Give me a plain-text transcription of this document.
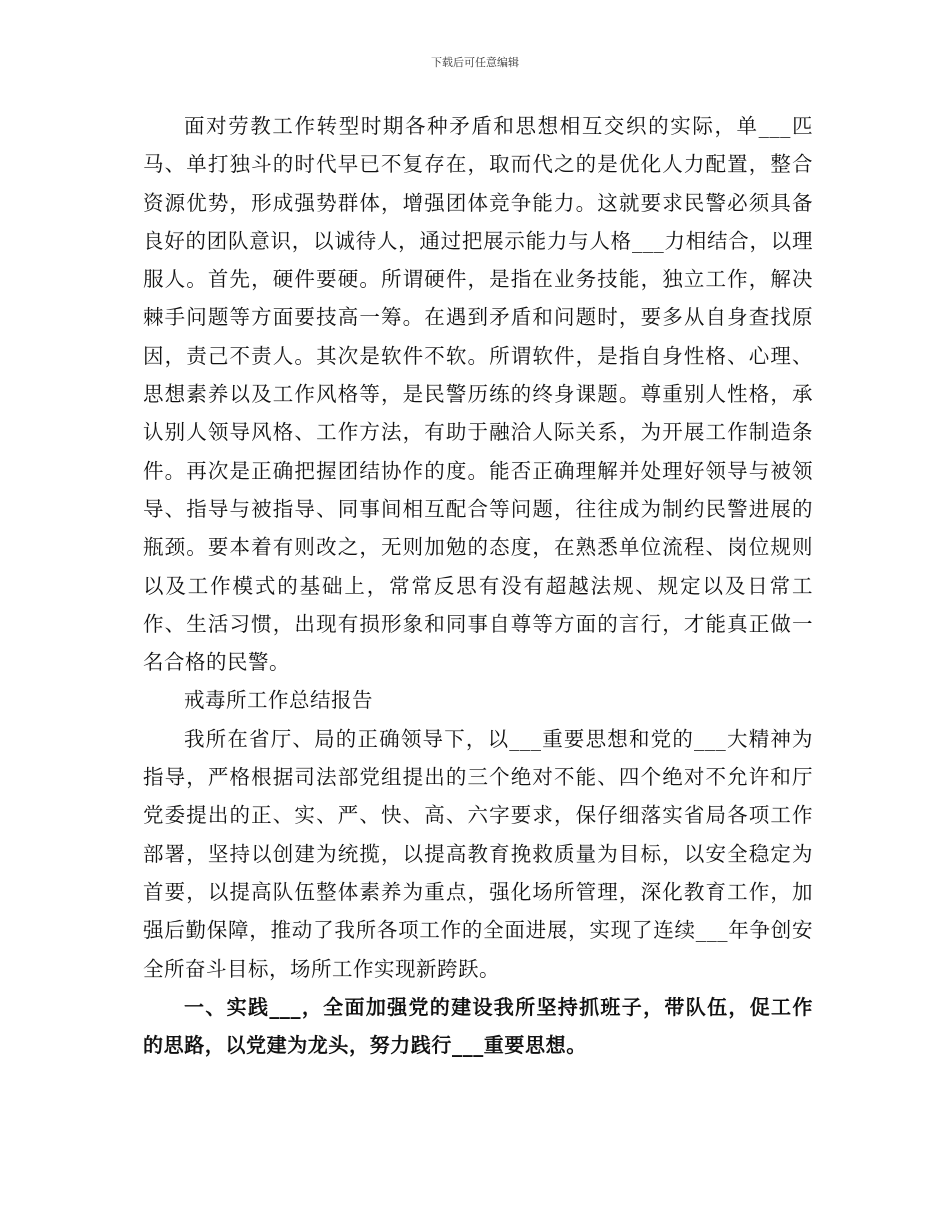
下载后可任意编辑

面对劳教工作转型时期各种矛盾和思想相互交织的实际，单___匹马、单打独斗的时代早已不复存在，取而代之的是优化人力配置，整合资源优势，形成强势群体，增强团体竞争能力。这就要求民警必须具备良好的团队意识，以诚待人，通过把展示能力与人格___力相结合，以理服人。首先，硬件要硬。所谓硬件，是指在业务技能，独立工作，解决棘手问题等方面要技高一筹。在遇到矛盾和问题时，要多从自身查找原因，责己不责人。其次是软件不软。所谓软件，是指自身性格、心理、思想素养以及工作风格等，是民警历练的终身课题。尊重别人性格，承认别人领导风格、工作方法，有助于融洽人际关系，为开展工作制造条件。再次是正确把握团结协作的度。能否正确理解并处理好领导与被领导、指导与被指导、同事间相互配合等问题，往往成为制约民警进展的瓶颈。要本着有则改之，无则加勉的态度，在熟悉单位流程、岗位规则以及工作模式的基础上，常常反思有没有超越法规、规定以及日常工作、生活习惯，出现有损形象和同事自尊等方面的言行，才能真正做一名合格的民警。

戒毒所工作总结报告

我所在省厅、局的正确领导下，以___重要思想和党的___大精神为指导，严格根据司法部党组提出的三个绝对不能、四个绝对不允许和厅党委提出的正、实、严、快、高、六字要求，保仔细落实省局各项工作部署，坚持以创建为统揽，以提高教育挽救质量为目标，以安全稳定为首要，以提高队伍整体素养为重点，强化场所管理，深化教育工作，加强后勤保障，推动了我所各项工作的全面进展，实现了连续___年争创安全所奋斗目标，场所工作实现新跨跃。

一、实践___，全面加强党的建设我所坚持抓班子，带队伍，促工作的思路，以党建为龙头，努力践行___重要思想。
